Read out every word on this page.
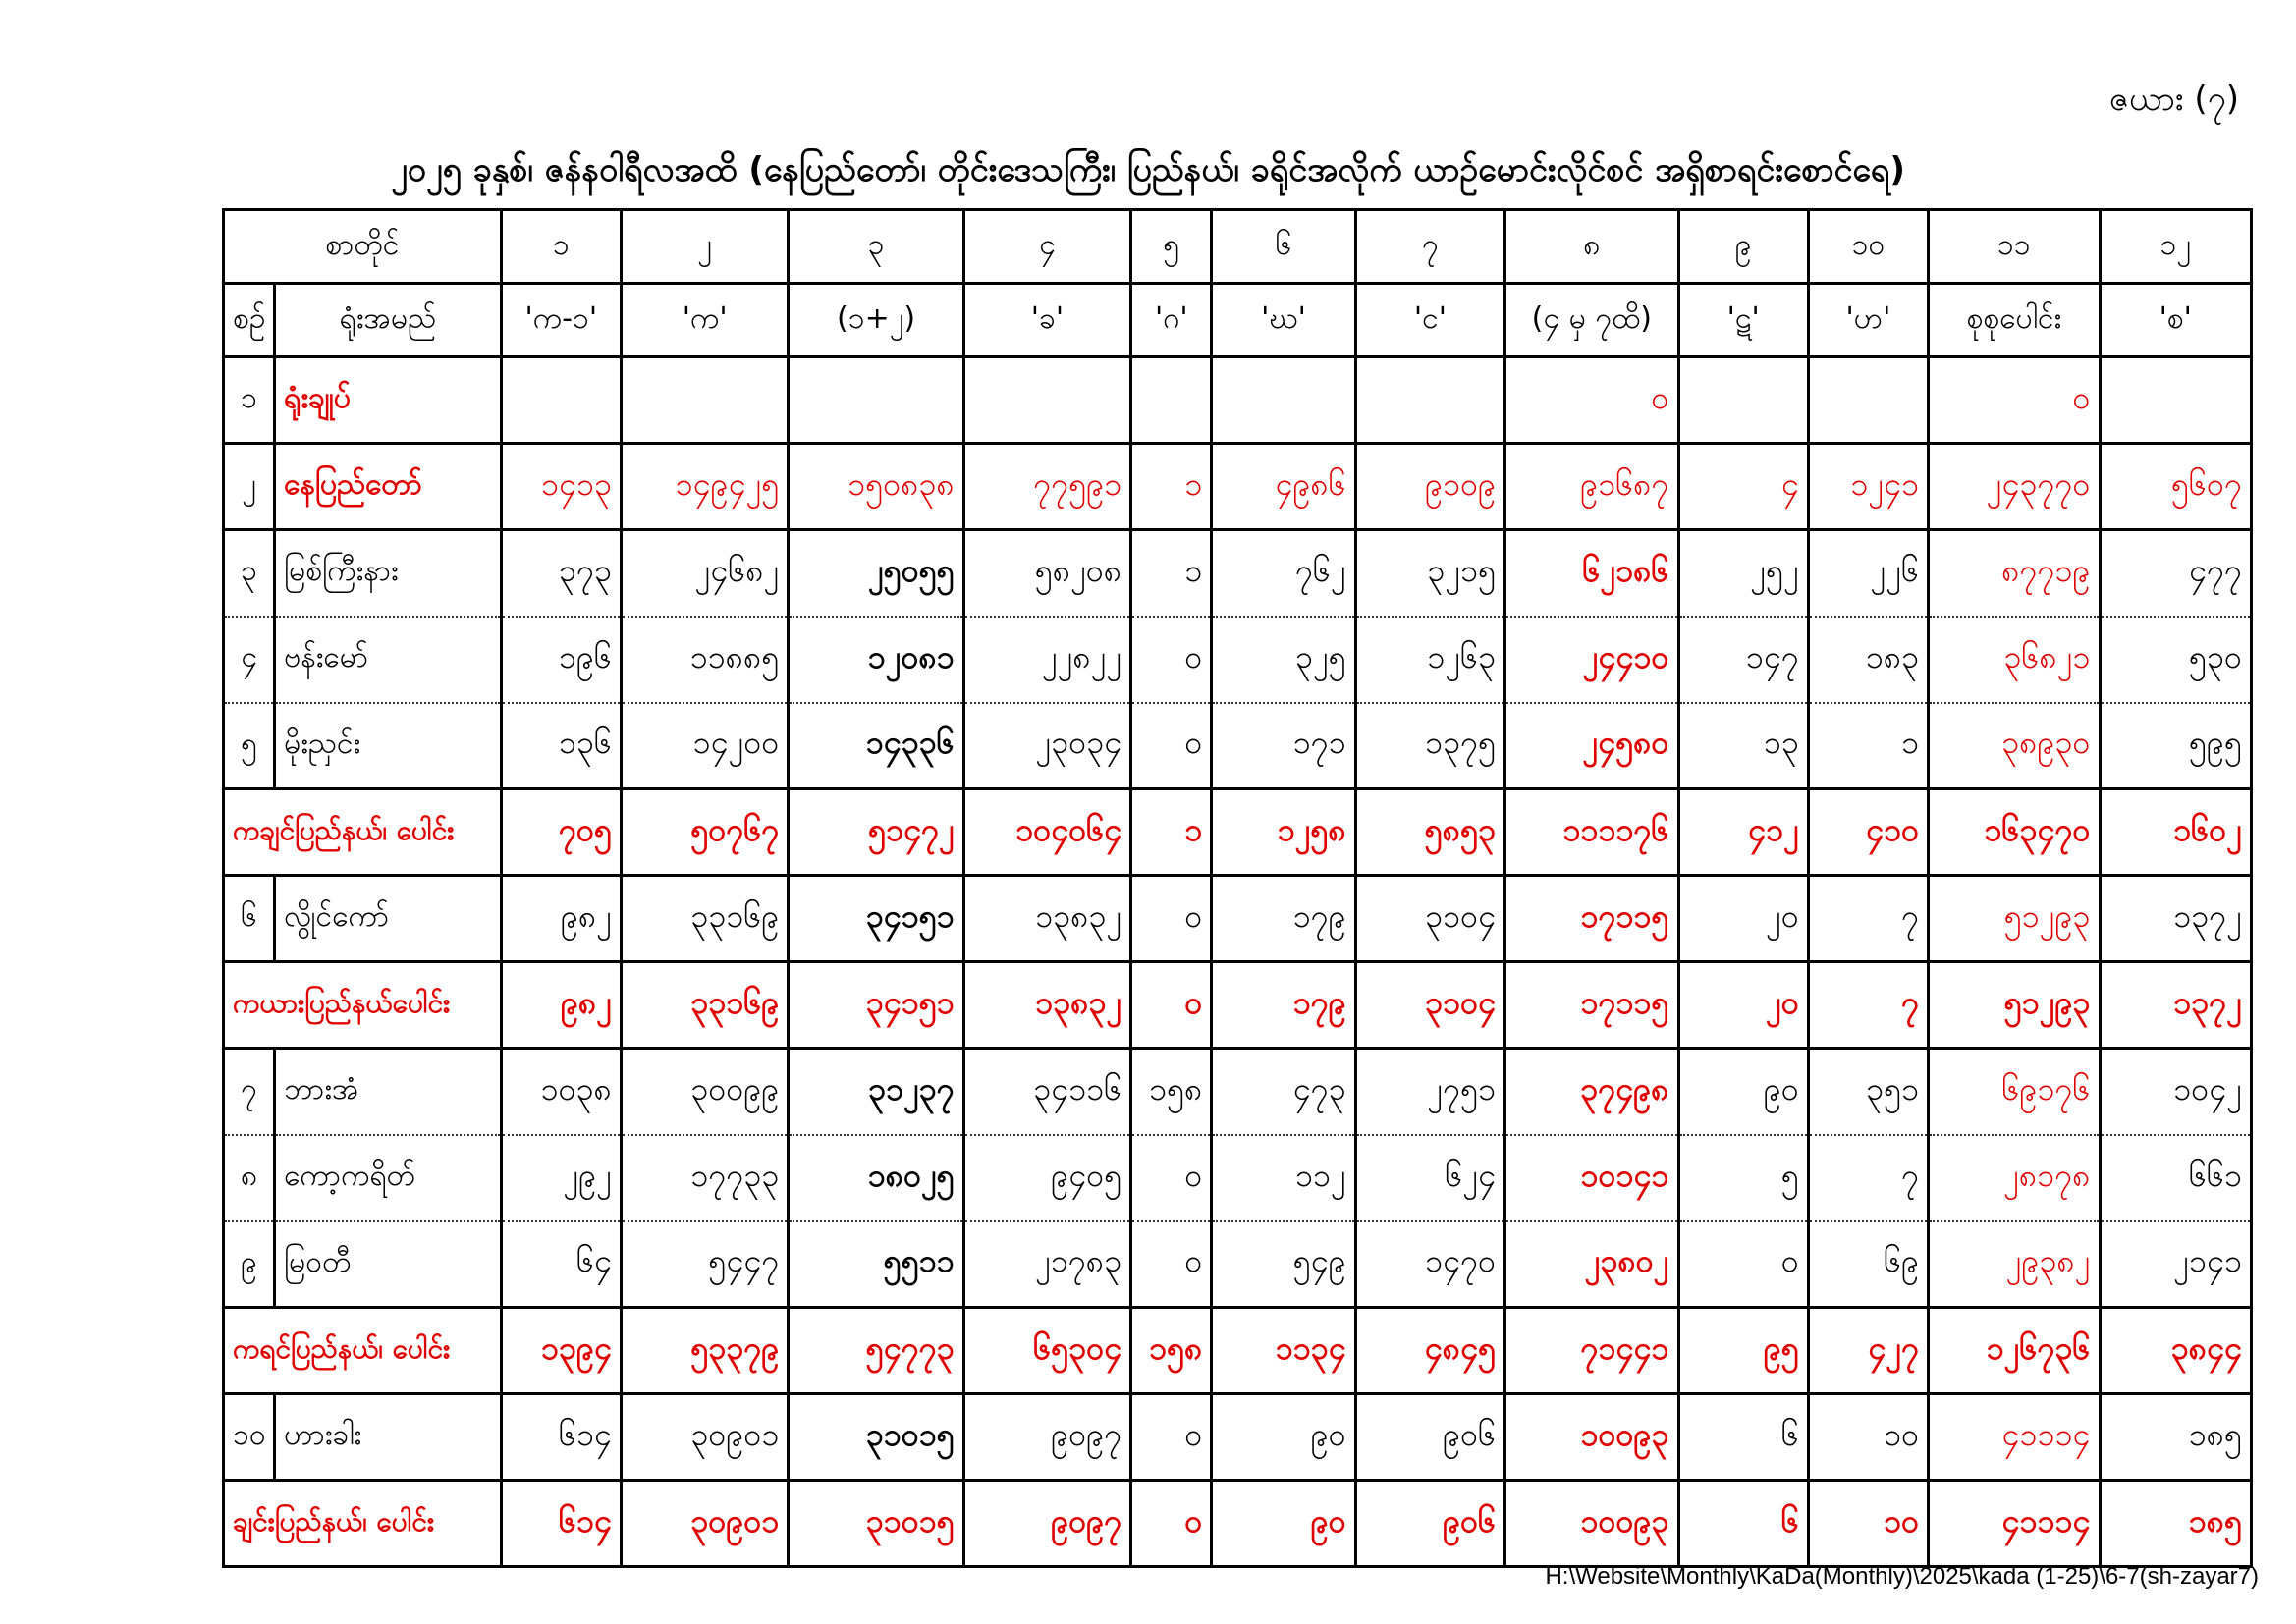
ဇယား (၇)
၂၀၂၅ ခုနှစ်၊ ဇန်နဝါရီလအထိ (နေပြည်တော်၊ တိုင်းဒေသကြီး၊ ပြည်နယ်၊ ခရိုင်အလိုက် ယာဉ်မောင်းလိုင်စင် အရှိစာရင်းစောင်ရေ)
စာတိုင်		၁	၂	၃	၄	၅	၆	၇	၈	၉	၁၀	၁၁	၁၂
စဉ်	ရုံးအမည်	'က-၁'	'က'	(၁+၂)	'ခ'	'ဂ'	'ဃ'	'င'	(၄ မှ ၇ထိ)	'ဋ'	'ဟ'	စုစုပေါင်း	'စ'
၁	ရုံးချုပ်								၀			၀	
၂	နေပြည်တော်	၁၄၁၃	၁၄၉၄၂၅	၁၅၀၈၃၈	၇၇၅၉၁	၁	၄၉၈၆	၉၁၀၉	၉၁၆၈၇	၄	၁၂၄၁	၂၄၃၇၇၀	၅၆၀၇
၃	မြစ်ကြီးနား	၃၇၃	၂၄၆၈၂	၂၅၀၅၅	၅၈၂၀၈	၁	၇၆၂	၃၂၁၅	၆၂၁၈၆	၂၅၂	၂၂၆	၈၇၇၁၉	၄၇၇
၄	ဗန်းမော်	၁၉၆	၁၁၈၈၅	၁၂၀၈၁	၂၂၈၂၂	၀	၃၂၅	၁၂၆၃	၂၄၄၁၀	၁၄၇	၁၈၃	၃၆၈၂၁	၅၃၀
၅	မိုးညှင်း	၁၃၆	၁၄၂၀၀	၁၄၃၃၆	၂၃၀၃၄	၀	၁၇၁	၁၃၇၅	၂၄၅၈၀	၁၃	၁	၃၈၉၃၀	၅၉၅
ကချင်ပြည်နယ်၊ ပေါင်း		၇၀၅	၅၀၇၆၇	၅၁၄၇၂	၁၀၄၀၆၄	၁	၁၂၅၈	၅၈၅၃	၁၁၁၁၇၆	၄၁၂	၄၁၀	၁၆၃၄၇၀	၁၆၀၂
၆	လွိုင်ကော်	၉၈၂	၃၃၁၆၉	၃၄၁၅၁	၁၃၈၃၂	၀	၁၇၉	၃၁၀၄	၁၇၁၁၅	၂၀	၇	၅၁၂၉၃	၁၃၇၂
ကယားပြည်နယ်ပေါင်း		၉၈၂	၃၃၁၆၉	၃၄၁၅၁	၁၃၈၃၂	၀	၁၇၉	၃၁၀၄	၁၇၁၁၅	၂၀	၇	၅၁၂၉၃	၁၃၇၂
၇	ဘားအံ	၁၀၃၈	၃၀၀၉၉	၃၁၂၃၇	၃၄၁၁၆	၁၅၈	၄၇၃	၂၇၅၁	၃၇၄၉၈	၉၀	၃၅၁	၆၉၁၇၆	၁၀၄၂
၈	ကော့ကရိတ်	၂၉၂	၁၇၇၃၃	၁၈၀၂၅	၉၄၀၅	၀	၁၁၂	၆၂၄	၁၀၁၄၁	၅	၇	၂၈၁၇၈	၆၆၁
၉	မြဝတီ	၆၄	၅၄၄၇	၅၅၁၁	၂၁၇၈၃	၀	၅၄၉	၁၄၇၀	၂၃၈၀၂	၀	၆၉	၂၉၃၈၂	၂၁၄၁
ကရင်ပြည်နယ်၊ ပေါင်း		၁၃၉၄	၅၃၃၇၉	၅၄၇၇၃	၆၅၃၀၄	၁၅၈	၁၁၃၄	၄၈၄၅	၇၁၄၄၁	၉၅	၄၂၇	၁၂၆၇၃၆	၃၈၄၄
၁၀	ဟားခါး	၆၁၄	၃၀၉၀၁	၃၁၀၁၅	၉၀၉၇	၀	၉၀	၉၀၆	၁၀၀၉၃	၆	၁၀	၄၁၁၁၄	၁၈၅
ချင်းပြည်နယ်၊ ပေါင်း		၆၁၄	၃၀၉၀၁	၃၁၀၁၅	၉၀၉၇	၀	၉၀	၉၀၆	၁၀၀၉၃	၆	၁၀	၄၁၁၁၄	၁၈၅
H:\Website\Monthly\KaDa(Monthly)\2025\kada (1-25)\6-7(sh-zayar7)
